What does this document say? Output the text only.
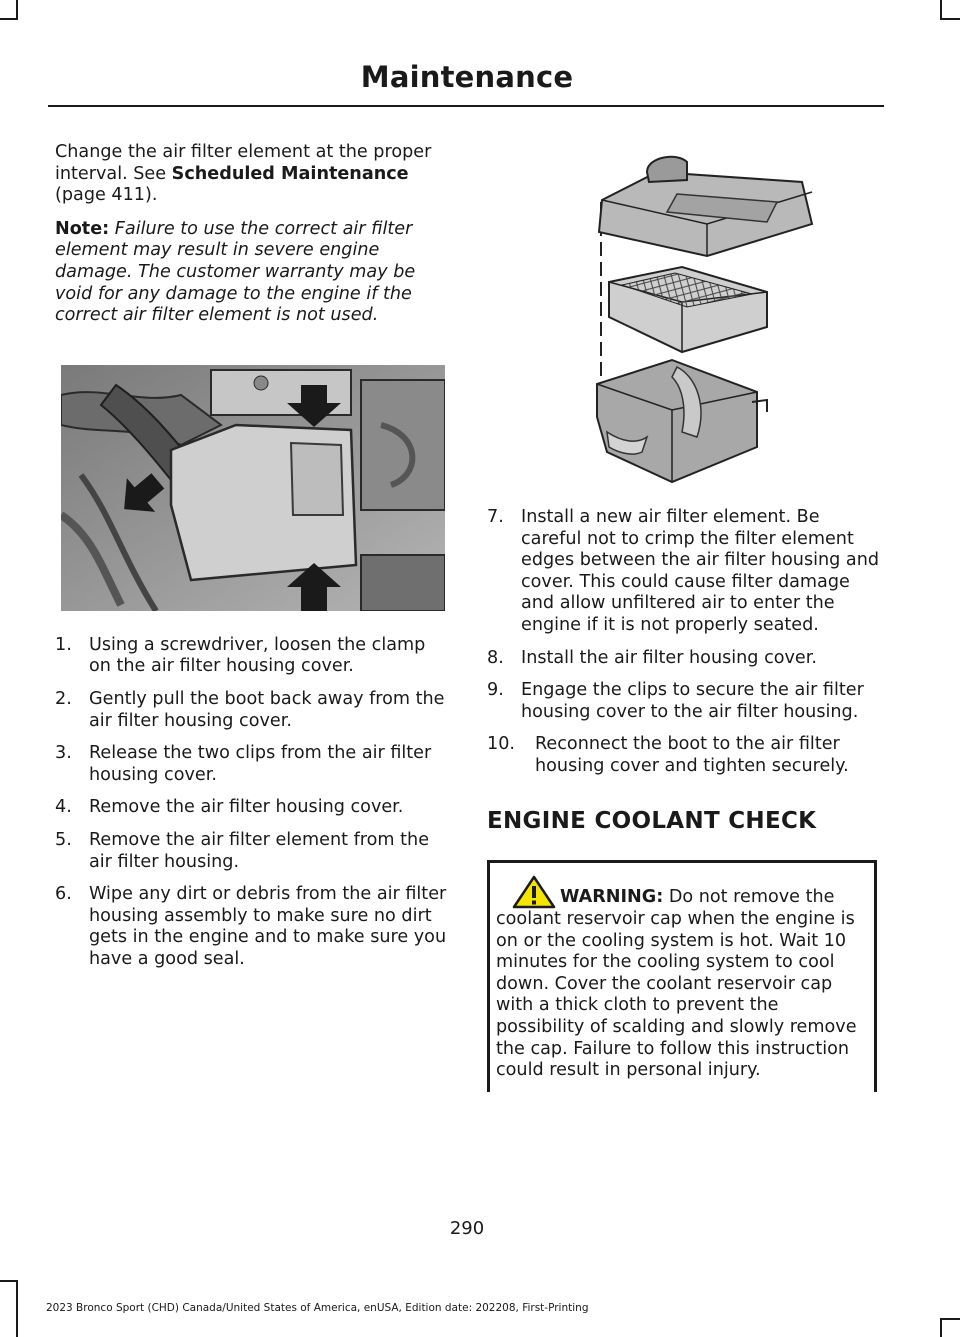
Maintenance

Change the air filter element at the proper interval. See Scheduled Maintenance (page 411).

Note: Failure to use the correct air filter element may result in severe engine damage. The customer warranty may be void for any damage to the engine if the correct air filter element is not used.

1. Using a screwdriver, loosen the clamp on the air filter housing cover.
2. Gently pull the boot back away from the air filter housing cover.
3. Release the two clips from the air filter housing cover.
4. Remove the air filter housing cover.
5. Remove the air filter element from the air filter housing.
6. Wipe any dirt or debris from the air filter housing assembly to make sure no dirt gets in the engine and to make sure you have a good seal.
7. Install a new air filter element. Be careful not to crimp the filter element edges between the air filter housing and cover. This could cause filter damage and allow unfiltered air to enter the engine if it is not properly seated.
8. Install the air filter housing cover.
9. Engage the clips to secure the air filter housing cover to the air filter housing.
10. Reconnect the boot to the air filter housing cover and tighten securely.
ENGINE COOLANT CHECK

WARNING: Do not remove the coolant reservoir cap when the engine is on or the cooling system is hot. Wait 10 minutes for the cooling system to cool down. Cover the coolant reservoir cap with a thick cloth to prevent the possibility of scalding and slowly remove the cap. Failure to follow this instruction could result in personal injury.

290
2023 Bronco Sport (CHD) Canada/United States of America, enUSA, Edition date: 202208, First-Printing
